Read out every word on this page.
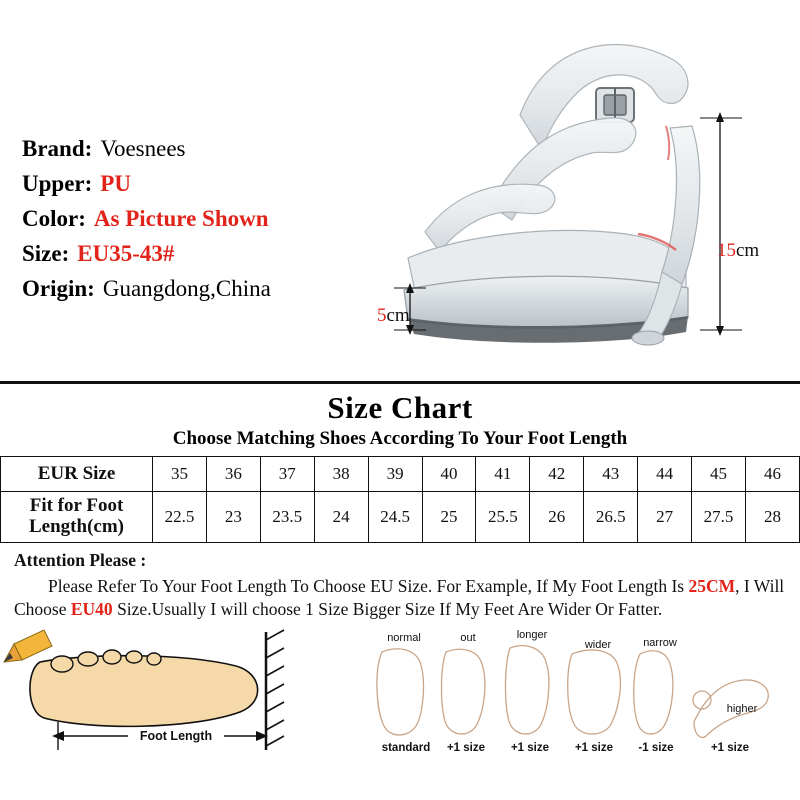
Brand : Voesnees
Upper : PU
Color : As Picture Shown
Size : EU35-43#
Origin : Guangdong,China
15cm
5cm
Size Chart
Choose Matching Shoes According To Your Foot Length
EUR Size	35	36	37	38	39	40	41	42	43	44	45	46
Fit for Foot Length(cm)	22.5	23	23.5	24	24.5	25	25.5	26	26.5	27	27.5	28
Attention Please :

Please Refer To Your Foot Length To Choose EU Size. For Example, If My Foot Length Is 25CM, I Will Choose EU40 Size.Usually I will choose 1 Size Bigger Size If My Feet Are Wider Or Fatter.

normal	out	longer
wider	narrow
higher
standard +1 size +1 size +1 size -1 size	+1 size
Foot Length
